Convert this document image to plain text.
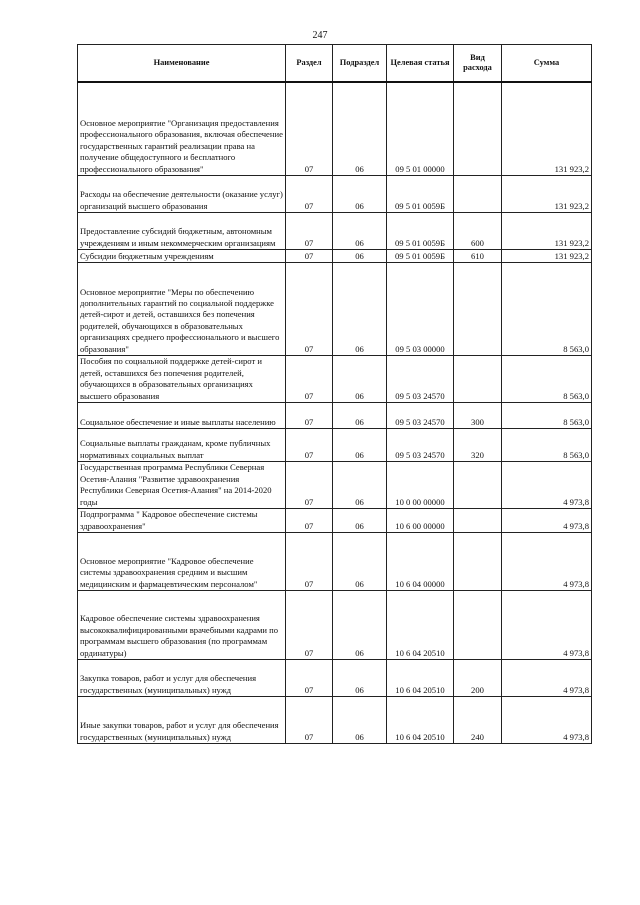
247
Наименование	Раздел	Подраздел	Целевая статья	Вид расхода	Сумма
Основное мероприятие "Организация предоставления профессионального образования, включая обеспечение государственных гарантий реализации права на получение общедоступного и бесплатного профессионального образования"	07	06	09 5 01 00000		131 923,2
Расходы на обеспечение деятельности (оказание услуг) организаций высшего образования	07	06	09 5 01 0059Б		131 923,2
Предоставление субсидий бюджетным, автономным учреждениям и иным некоммерческим организациям	07	06	09 5 01 0059Б	600	131 923,2
Субсидии бюджетным учреждениям	07	06	09 5 01 0059Б	610	131 923,2
Основное мероприятие "Меры по обеспечению дополнительных гарантий по социальной поддержке детей-сирот и детей, оставшихся без попечения родителей, обучающихся в образовательных организациях среднего профессионального и высшего образования"	07	06	09 5 03 00000		8 563,0
Пособия по социальной поддержке детей-сирот и детей, оставшихся без попечения родителей, обучающихся в образовательных организациях высшего образования	07	06	09 5 03 24570		8 563,0
Социальное обеспечение и иные выплаты населению	07	06	09 5 03 24570	300	8 563,0
Социальные выплаты гражданам, кроме публичных нормативных социальных выплат	07	06	09 5 03 24570	320	8 563,0
Государственная программа Республики Северная Осетия-Алания "Развитие здравоохранения Республики Северная Осетия-Алания" на 2014-2020 годы	07	06	10 0 00 00000		4 973,8
Подпрограмма " Кадровое обеспечение системы здравоохранения"	07	06	10 6 00 00000		4 973,8
Основное мероприятие "Кадровое обеспечение системы здравоохранения средним и высшим медицинским и фармацевтическим персоналом"	07	06	10 6 04 00000		4 973,8
Кадровое обеспечение системы здравоохранения высококвалифицированными врачебными кадрами по программам высшего образования (по программам ординатуры)	07	06	10 6 04 20510		4 973,8
Закупка товаров, работ и услуг для обеспечения государственных (муниципальных) нужд	07	06	10 6 04 20510	200	4 973,8
Иные закупки товаров, работ и услуг для обеспечения государственных (муниципальных) нужд	07	06	10 6 04 20510	240	4 973,8
